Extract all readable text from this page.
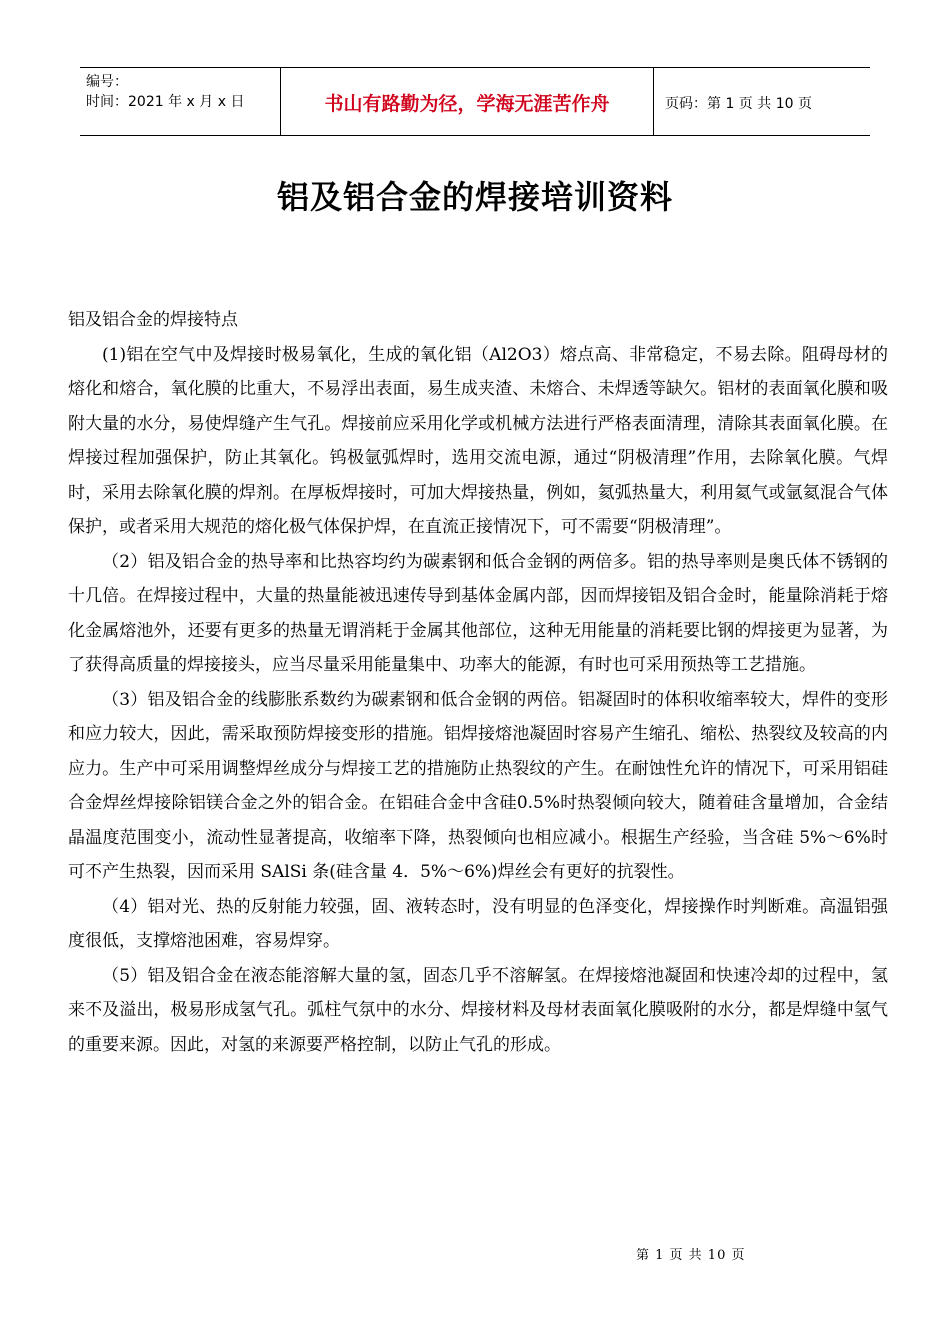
编号：
时间：2021 年 x 月 x 日	书山有路勤为径，学海无涯苦作舟	页码：第 1 页 共 10 页
铝及铝合金的焊接培训资料
铝及铝合金的焊接特点

(1)铝在空气中及焊接时极易氧化，生成的氧化铝（Al2O3）熔点高、非常稳定，不易去除。阻碍母材的熔化和熔合，氧化膜的比重大，不易浮出表面，易生成夹渣、未熔合、未焊透等缺欠。铝材的表面氧化膜和吸附大量的水分，易使焊缝产生气孔。焊接前应采用化学或机械方法进行严格表面清理，清除其表面氧化膜。在焊接过程加强保护，防止其氧化。钨极氩弧焊时，选用交流电源，通过“阴极清理”作用，去除氧化膜。气焊时，采用去除氧化膜的焊剂。在厚板焊接时，可加大焊接热量，例如，氦弧热量大，利用氦气或氩氦混合气体保护，或者采用大规范的熔化极气体保护焊，在直流正接情况下，可不需要“阴极清理”。

（2）铝及铝合金的热导率和比热容均约为碳素钢和低合金钢的两倍多。铝的热导率则是奥氏体不锈钢的十几倍。在焊接过程中，大量的热量能被迅速传导到基体金属内部，因而焊接铝及铝合金时，能量除消耗于熔化金属熔池外，还要有更多的热量无谓消耗于金属其他部位，这种无用能量的消耗要比钢的焊接更为显著，为了获得高质量的焊接接头，应当尽量采用能量集中、功率大的能源，有时也可采用预热等工艺措施。

（3）铝及铝合金的线膨胀系数约为碳素钢和低合金钢的两倍。铝凝固时的体积收缩率较大，焊件的变形和应力较大，因此，需采取预防焊接变形的措施。铝焊接熔池凝固时容易产生缩孔、缩松、热裂纹及较高的内应力。生产中可采用调整焊丝成分与焊接工艺的措施防止热裂纹的产生。在耐蚀性允许的情况下，可采用铝硅合金焊丝焊接除铝镁合金之外的铝合金。在铝硅合金中含硅0.5%时热裂倾向较大，随着硅含量增加，合金结晶温度范围变小，流动性显著提高，收缩率下降，热裂倾向也相应减小。根据生产经验，当含硅 5%～6%时可不产生热裂，因而采用 SAlSi 条(硅含量 4．5%～6%)焊丝会有更好的抗裂性。

（4）铝对光、热的反射能力较强，固、液转态时，没有明显的色泽变化，焊接操作时判断难。高温铝强度很低，支撑熔池困难，容易焊穿。

（5）铝及铝合金在液态能溶解大量的氢，固态几乎不溶解氢。在焊接熔池凝固和快速冷却的过程中，氢来不及溢出，极易形成氢气孔。弧柱气氛中的水分、焊接材料及母材表面氧化膜吸附的水分，都是焊缝中氢气的重要来源。因此，对氢的来源要严格控制，以防止气孔的形成。

第 1 页 共 10 页
